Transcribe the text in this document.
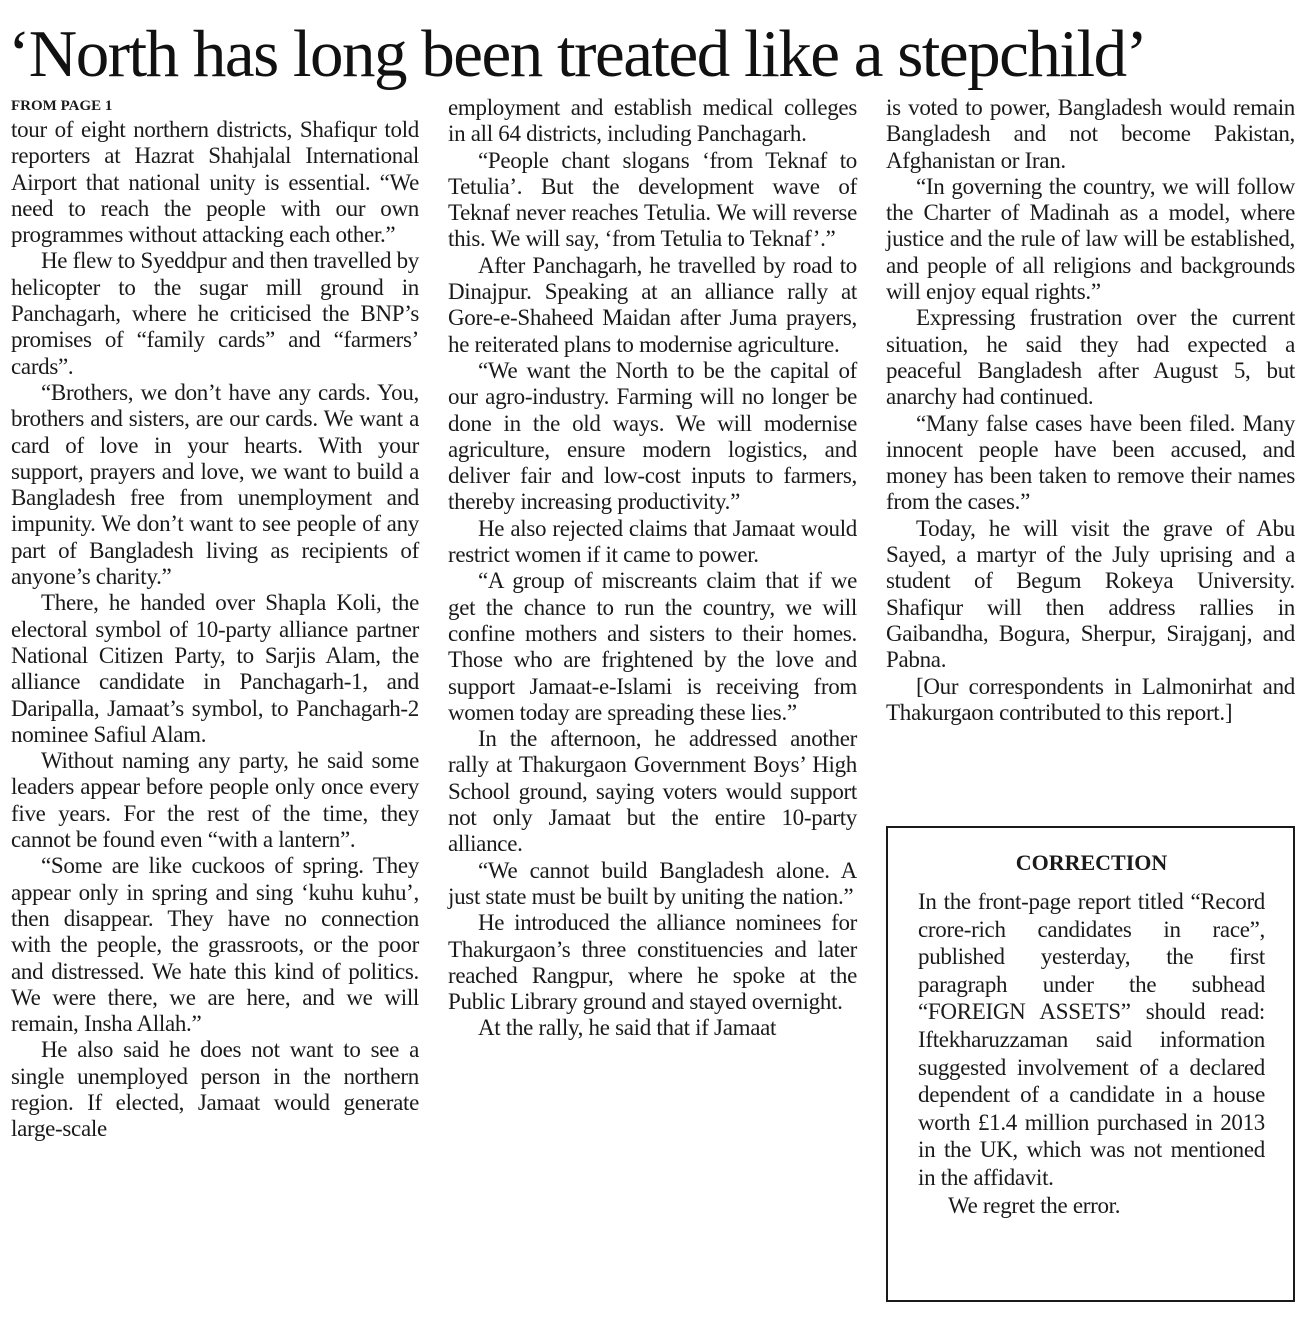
‘North has long been treated like a stepchild’
FROM PAGE 1

tour of eight northern districts, Shafiqur told reporters at Hazrat Shahjalal International Airport that national unity is essential. “We need to reach the people with our own programmes without attacking each other.”

He flew to Syeddpur and then travelled by helicopter to the sugar mill ground in Panchagarh, where he criticised the BNP’s promises of “family cards” and “farmers’ cards”.

“Brothers, we don’t have any cards. You, brothers and sisters, are our cards. We want a card of love in your hearts. With your support, prayers and love, we want to build a Bangladesh free from unemployment and impunity. We don’t want to see people of any part of Bangladesh living as recipients of anyone’s charity.”

There, he handed over Shapla Koli, the electoral symbol of 10-party alliance partner National Citizen Party, to Sarjis Alam, the alliance candidate in Panchagarh-1, and Daripalla, Jamaat’s symbol, to Panchagarh-2 nominee Safiul Alam.

Without naming any party, he said some leaders appear before people only once every five years. For the rest of the time, they cannot be found even “with a lantern”.

“Some are like cuckoos of spring. They appear only in spring and sing ‘kuhu kuhu’, then disappear. They have no connection with the people, the grassroots, or the poor and distressed. We hate this kind of politics. We were there, we are here, and we will remain, Insha Allah.”

He also said he does not want to see a single unemployed person in the northern region. If elected, Jamaat would generate large-scale

employment and establish medical colleges in all 64 districts, including Panchagarh.

“People chant slogans ‘from Teknaf to Tetulia’. But the development wave of Teknaf never reaches Tetulia. We will reverse this. We will say, ‘from Tetulia to Teknaf’.”

After Panchagarh, he travelled by road to Dinajpur. Speaking at an alliance rally at Gore-e-Shaheed Maidan after Juma prayers, he reiterated plans to modernise agriculture.

“We want the North to be the capital of our agro-industry. Farming will no longer be done in the old ways. We will modernise agriculture, ensure modern logistics, and deliver fair and low-cost inputs to farmers, thereby increasing productivity.”

He also rejected claims that Jamaat would restrict women if it came to power.

“A group of miscreants claim that if we get the chance to run the country, we will confine mothers and sisters to their homes. Those who are frightened by the love and support Jamaat-e-Islami is receiving from women today are spreading these lies.”

In the afternoon, he addressed another rally at Thakurgaon Government Boys’ High School ground, saying voters would support not only Jamaat but the entire 10-party alliance.

“We cannot build Bangladesh alone. A just state must be built by uniting the nation.”

He introduced the alliance nominees for Thakurgaon’s three constituencies and later reached Rangpur, where he spoke at the Public Library ground and stayed overnight.

At the rally, he said that if Jamaat

is voted to power, Bangladesh would remain Bangladesh and not become Pakistan, Afghanistan or Iran.

“In governing the country, we will follow the Charter of Madinah as a model, where justice and the rule of law will be established, and people of all religions and backgrounds will enjoy equal rights.”

Expressing frustration over the current situation, he said they had expected a peaceful Bangladesh after August 5, but anarchy had continued.

“Many false cases have been filed. Many innocent people have been accused, and money has been taken to remove their names from the cases.”

Today, he will visit the grave of Abu Sayed, a martyr of the July uprising and a student of Begum Rokeya University. Shafiqur will then address rallies in Gaibandha, Bogura, Sherpur, Sirajganj, and Pabna.

[Our correspondents in Lalmonirhat and Thakurgaon contributed to this report.]

CORRECTION

In the front-page report titled “Record crore-rich candidates in race”, published yesterday, the first paragraph under the subhead “FOREIGN ASSETS” should read: Iftekharuzzaman said information suggested involvement of a declared dependent of a candidate in a house worth £1.4 million purchased in 2013 in the UK, which was not mentioned in the affidavit.

We regret the error.
